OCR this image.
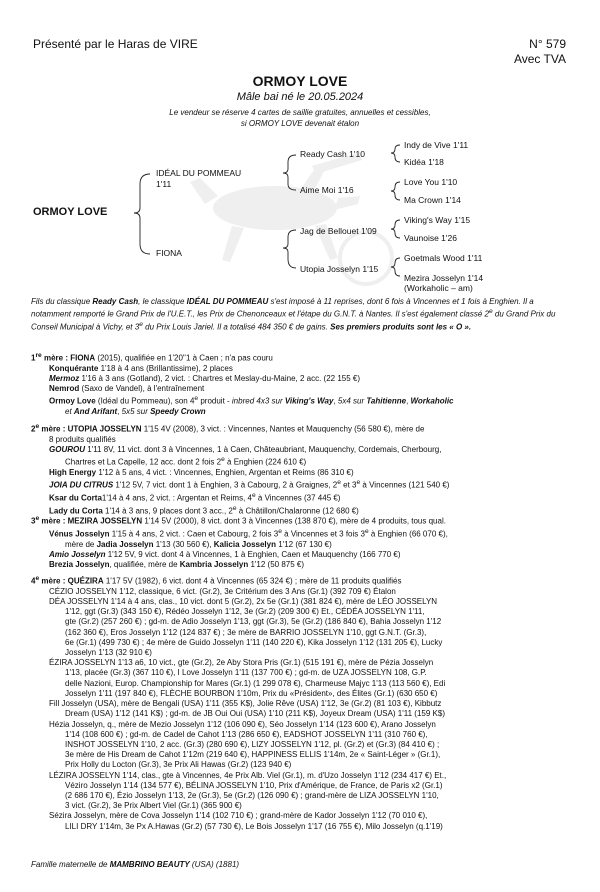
Présenté par le Haras de VIRE	N° 579
Avec TVA
ORMOY LOVE
Mâle bai né le 20.05.2024
Le vendeur se réserve 4 cartes de saillie gratuites, annuelles et cessibles,
si ORMOY LOVE devenait étalon
ORMOY LOVE
IDÉAL DU POMMEAU
1'11
FIONA
Ready Cash 1'10
Aime Moi 1'16
Jag de Bellouet 1'09
Utopia Josselyn 1'15
Indy de Vive 1'11
Kidéa 1'18
Love You 1'10
Ma Crown 1'14
Viking's Way 1'15
Vaunoise 1'26
Goetmals Wood 1'11
Mezira Josselyn 1'14
(Workaholic – am)

Fils du classique Ready Cash, le classique IDÉAL DU POMMEAU s'est imposé à 11 reprises, dont 6 fois à Vincennes et 1 fois à Enghien. Il a notamment remporté le Grand Prix de l'U.E.T., les Prix de Chenonceaux et l'étape du G.N.T. à Nantes. Il s'est également classé 2e du Grand Prix du Conseil Municipal à Vichy, et 3e du Prix Louis Jariel. Il a totalisé 484 350 € de gains. Ses premiers produits sont les « O ».

1re mère : FIONA (2015), qualifiée en 1'20''1 à Caen ; n'a pas couru

Konquérante 1'18 à 4 ans (Brillantissime), 2 places

Mermoz 1'16 à 3 ans (Gotland), 2 vict. : Chartres et Meslay-du-Maine, 2 acc. (22 155 €)

Nemrod (Saxo de Vandel), à l'entraînement

Ormoy Love (Idéal du Pommeau), son 4e produit - inbred 4x3 sur Viking's Way, 5x4 sur Tahitienne, Workaholic

et And Arifant, 5x5 sur Speedy Crown

2e mère : UTOPIA JOSSELYN 1'15 4V (2008), 3 vict. : Vincennes, Nantes et Mauquenchy (56 580 €), mère de

8 produits qualifiés

GOUROU 1'11 8V, 11 vict. dont 3 à Vincennes, 1 à Caen, Châteaubriant, Mauquenchy, Cordemais, Cherbourg,

Chartres et La Capelle, 12 acc. dont 2 fois 2e à Enghien (224 610 €)

High Energy 1'12 à 5 ans, 4 vict. : Vincennes, Enghien, Argentan et Reims (86 310 €)

JOIA DU CITRUS 1'12 5V, 7 vict. dont 1 à Enghien, 3 à Cabourg, 2 à Graignes, 2e et 3e à Vincennes (121 540 €)

Ksar du Corta1'14 à 4 ans, 2 vict. : Argentan et Reims, 4e à Vincennes (37 445 €)

Lady du Corta 1'14 à 3 ans, 9 places dont 3 acc., 2e à Châtillon/Chalaronne (12 680 €)

3e mère : MEZIRA JOSSELYN 1'14 5V (2000), 8 vict. dont 3 à Vincennes (138 870 €), mère de 4 produits, tous qual.

Vénus Josselyn 1'15 à 4 ans, 2 vict. : Caen et Cabourg, 2 fois 3e à Vincennes et 3 fois 3e à Enghien (66 070 €),

mère de Jadia Josselyn 1'13 (30 560 €), Kalicia Josselyn 1'12 (67 130 €)

Amio Josselyn 1'12 5V, 9 vict. dont 4 à Vincennes, 1 à Enghien, Caen et Mauquenchy (166 770 €)

Brezia Josselyn, qualifiée, mère de Kambria Josselyn 1'12 (50 875 €)

4e mère : QUÉZIRA 1'17 5V (1982), 6 vict. dont 4 à Vincennes (65 324 €) ; mère de 11 produits qualifiés

CÉZIO JOSSELYN 1'12, classique, 6 vict. (Gr.2), 3e Critérium des 3 Ans (Gr.1) (392 709 €) Étalon

DÉA JOSSELYN 1'14 à 4 ans, clas., 10 vict. dont 5 (Gr.2), 2x 5e (Gr.1) (381 824 €), mère de LÉO JOSSELYN

1'12, ggt (Gr.3) (343 150 €), Rédéo Josselyn 1'12, 3e (Gr.2) (209 300 €) Et., CÉDÉA JOSSELYN 1'11,

gte (Gr.2) (257 260 €) ; gd-m. de Adio Josselyn 1'13, ggt (Gr.3), 5e (Gr.2) (186 840 €), Bahia Josselyn 1'12

(162 360 €), Eros Josselyn 1'12 (124 837 €) ; 3e mère de BARRIO JOSSELYN 1'10, ggt G.N.T. (Gr.3),

6e (Gr.1) (499 730 €) ; 4e mère de Guido Josselyn 1'11 (140 220 €), Kika Josselyn 1'12 (131 205 €), Lucky

Josselyn 1'13 (32 910 €)

ÉZIRA JOSSELYN 1'13 a6, 10 vict., gte (Gr.2), 2e Aby Stora Pris (Gr.1) (515 191 €), mère de Pézia Josselyn

1'13, placée (Gr.3) (367 110 €), I Love Josselyn 1'11 (137 700 €) ; gd-m. de UZA JOSSELYN 108, G.P.

delle Nazioni, Europ. Championship for Mares (Gr.1) (1 299 078 €), Charmeuse Majyc 1'13 (113 560 €), Edi

Josselyn 1'11 (197 840 €), FLÈCHE BOURBON 1'10m, Prix du «Président», des Élites (Gr.1) (630 650 €)

Fill Josselyn (USA), mère de Bengali (USA) 1'11 (355 K$), Jolie Rêve (USA) 1'12, 3e (Gr.2) (81 103 €), Kibbutz

Dream (USA) 1'12 (141 K$) ; gd-m. de JB Oui Oui (USA) 1'10 (211 K$), Joyeux Dream (USA) 1'11 (159 K$)

Hézia Josselyn, q., mère de Mezio Josselyn 1'12 (106 090 €), Séo Josselyn 1'14 (123 600 €), Arano Josselyn

1'14 (108 600 €) ; gd-m. de Cadel de Cahot 1'13 (286 650 €), EADSHOT JOSSELYN 1'11 (310 760 €),

INSHOT JOSSELYN 1'10, 2 acc. (Gr.3) (280 690 €), LIZY JOSSELYN 1'12, pl. (Gr.2) et (Gr.3) (84 410 €) ;

3e mère de His Dream de Cahot 1'12m (219 640 €), HAPPINESS ELLIS 1'14m, 2e « Saint-Léger » (Gr.1),

Prix Holly du Locton (Gr.3), 3e Prix Ali Hawas (Gr.2) (123 940 €)

LÉZIRA JOSSELYN 1'14, clas., gte à Vincennes, 4e Prix Alb. Viel (Gr.1), m. d'Uzo Josselyn 1'12 (234 417 €) Et.,

Véziro Josselyn 1'14 (134 577 €), BÉLINA JOSSELYN 1'10, Prix d'Amérique, de France, de Paris x2 (Gr.1)

(2 686 170 €), Ézio Josselyn 1'13, 2e (Gr.3), 5e (Gr.2) (126 090 €) ; grand-mère de LIZA JOSSELYN 1'10,

3 vict. (Gr.2), 3e Prix Albert Viel (Gr.1) (365 900 €)

Sézira Josselyn, mère de Cova Josselyn 1'14 (102 710 €) ; grand-mère de Kador Josselyn 1'12 (70 010 €),

LILI DRY 1'14m, 3e Px A.Hawas (Gr.2) (57 730 €), Le Bois Josselyn 1'17 (16 755 €), Milo Josselyn (q.1'19)

Famille maternelle de MAMBRINO BEAUTY (USA) (1881)
